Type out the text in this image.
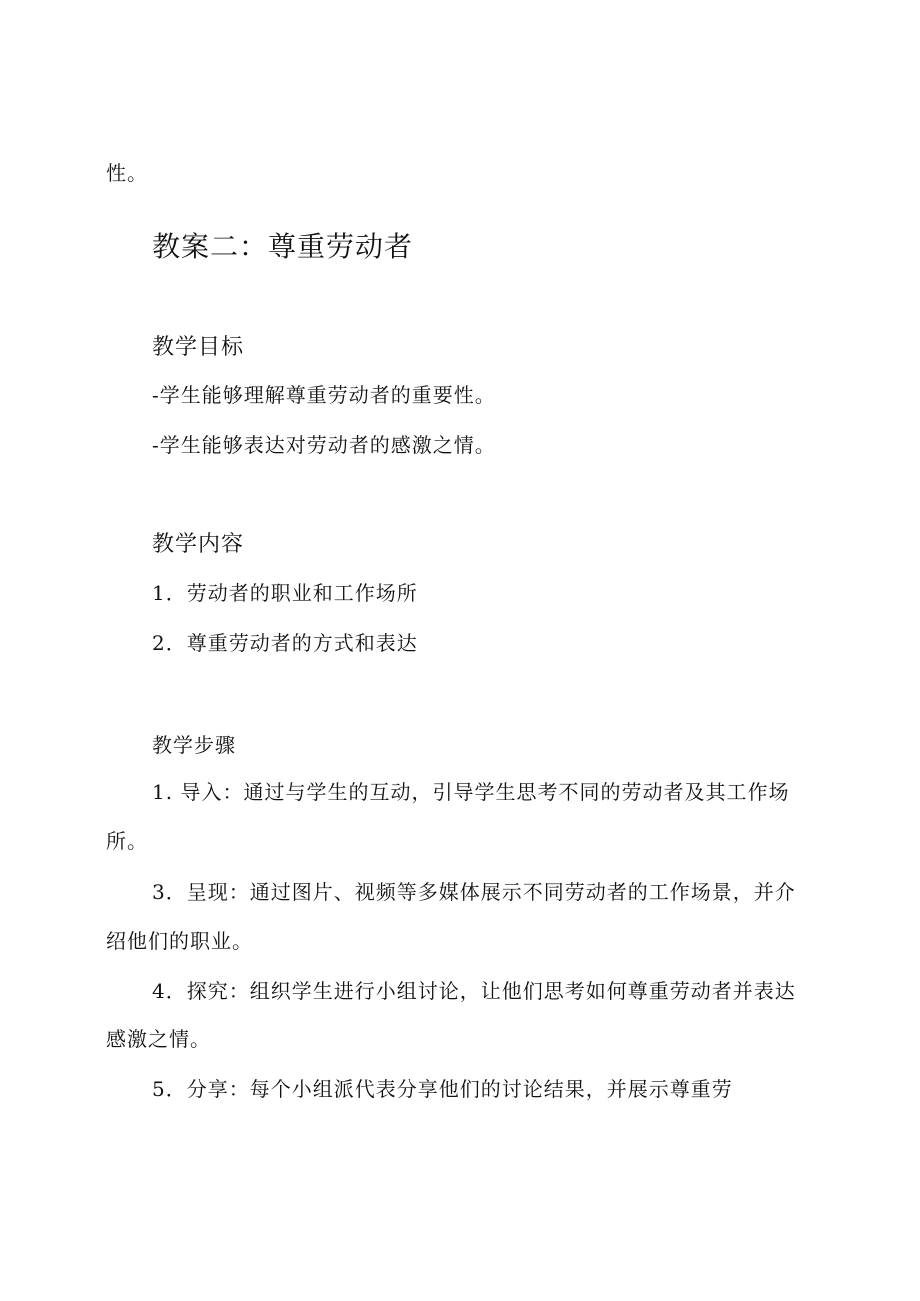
性。
教案二：尊重劳动者
教学目标
-学生能够理解尊重劳动者的重要性。
-学生能够表达对劳动者的感激之情。
教学内容
1．劳动者的职业和工作场所
2．尊重劳动者的方式和表达
教学步骤
1. 导入：通过与学生的互动，引导学生思考不同的劳动者及其工作场
所。
3．呈现：通过图片、视频等多媒体展示不同劳动者的工作场景，并介
绍他们的职业。
4．探究：组织学生进行小组讨论，让他们思考如何尊重劳动者并表达
感激之情。
5．分享：每个小组派代表分享他们的讨论结果，并展示尊重劳
